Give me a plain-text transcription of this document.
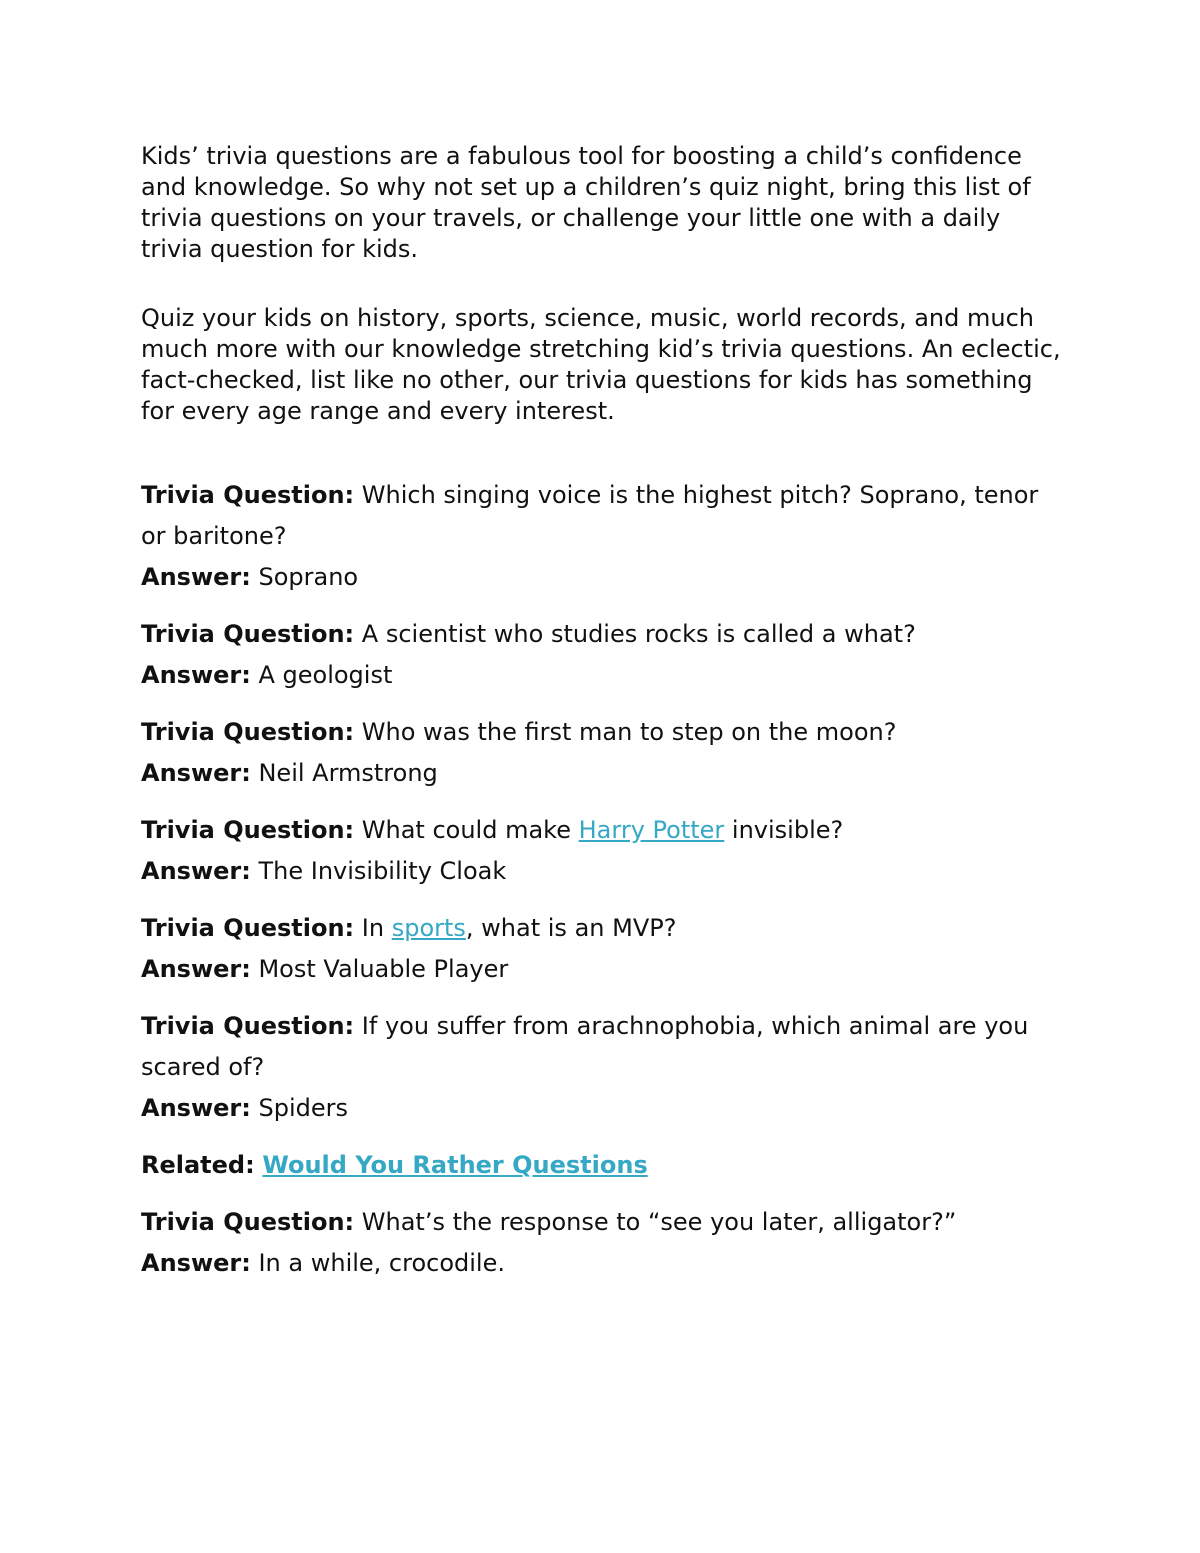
Kids’ trivia questions are a fabulous tool for boosting a child’s confidence and knowledge. So why not set up a children’s quiz night, bring this list of trivia questions on your travels, or challenge your little one with a daily trivia question for kids.

Quiz your kids on history, sports, science, music, world records, and much much more with our knowledge stretching kid’s trivia questions. An eclectic, fact-checked, list like no other, our trivia questions for kids has something for every age range and every interest.

Trivia Question: Which singing voice is the highest pitch? Soprano, tenor or baritone?
Answer: Soprano
Trivia Question: A scientist who studies rocks is called a what?
Answer: A geologist
Trivia Question: Who was the first man to step on the moon?
Answer: Neil Armstrong
Trivia Question: What could make Harry Potter invisible?
Answer: The Invisibility Cloak
Trivia Question: In sports, what is an MVP?
Answer: Most Valuable Player
Trivia Question: If you suffer from arachnophobia, which animal are you scared of?
Answer: Spiders
Related: Would You Rather Questions
Trivia Question: What’s the response to “see you later, alligator?”
Answer: In a while, crocodile.
